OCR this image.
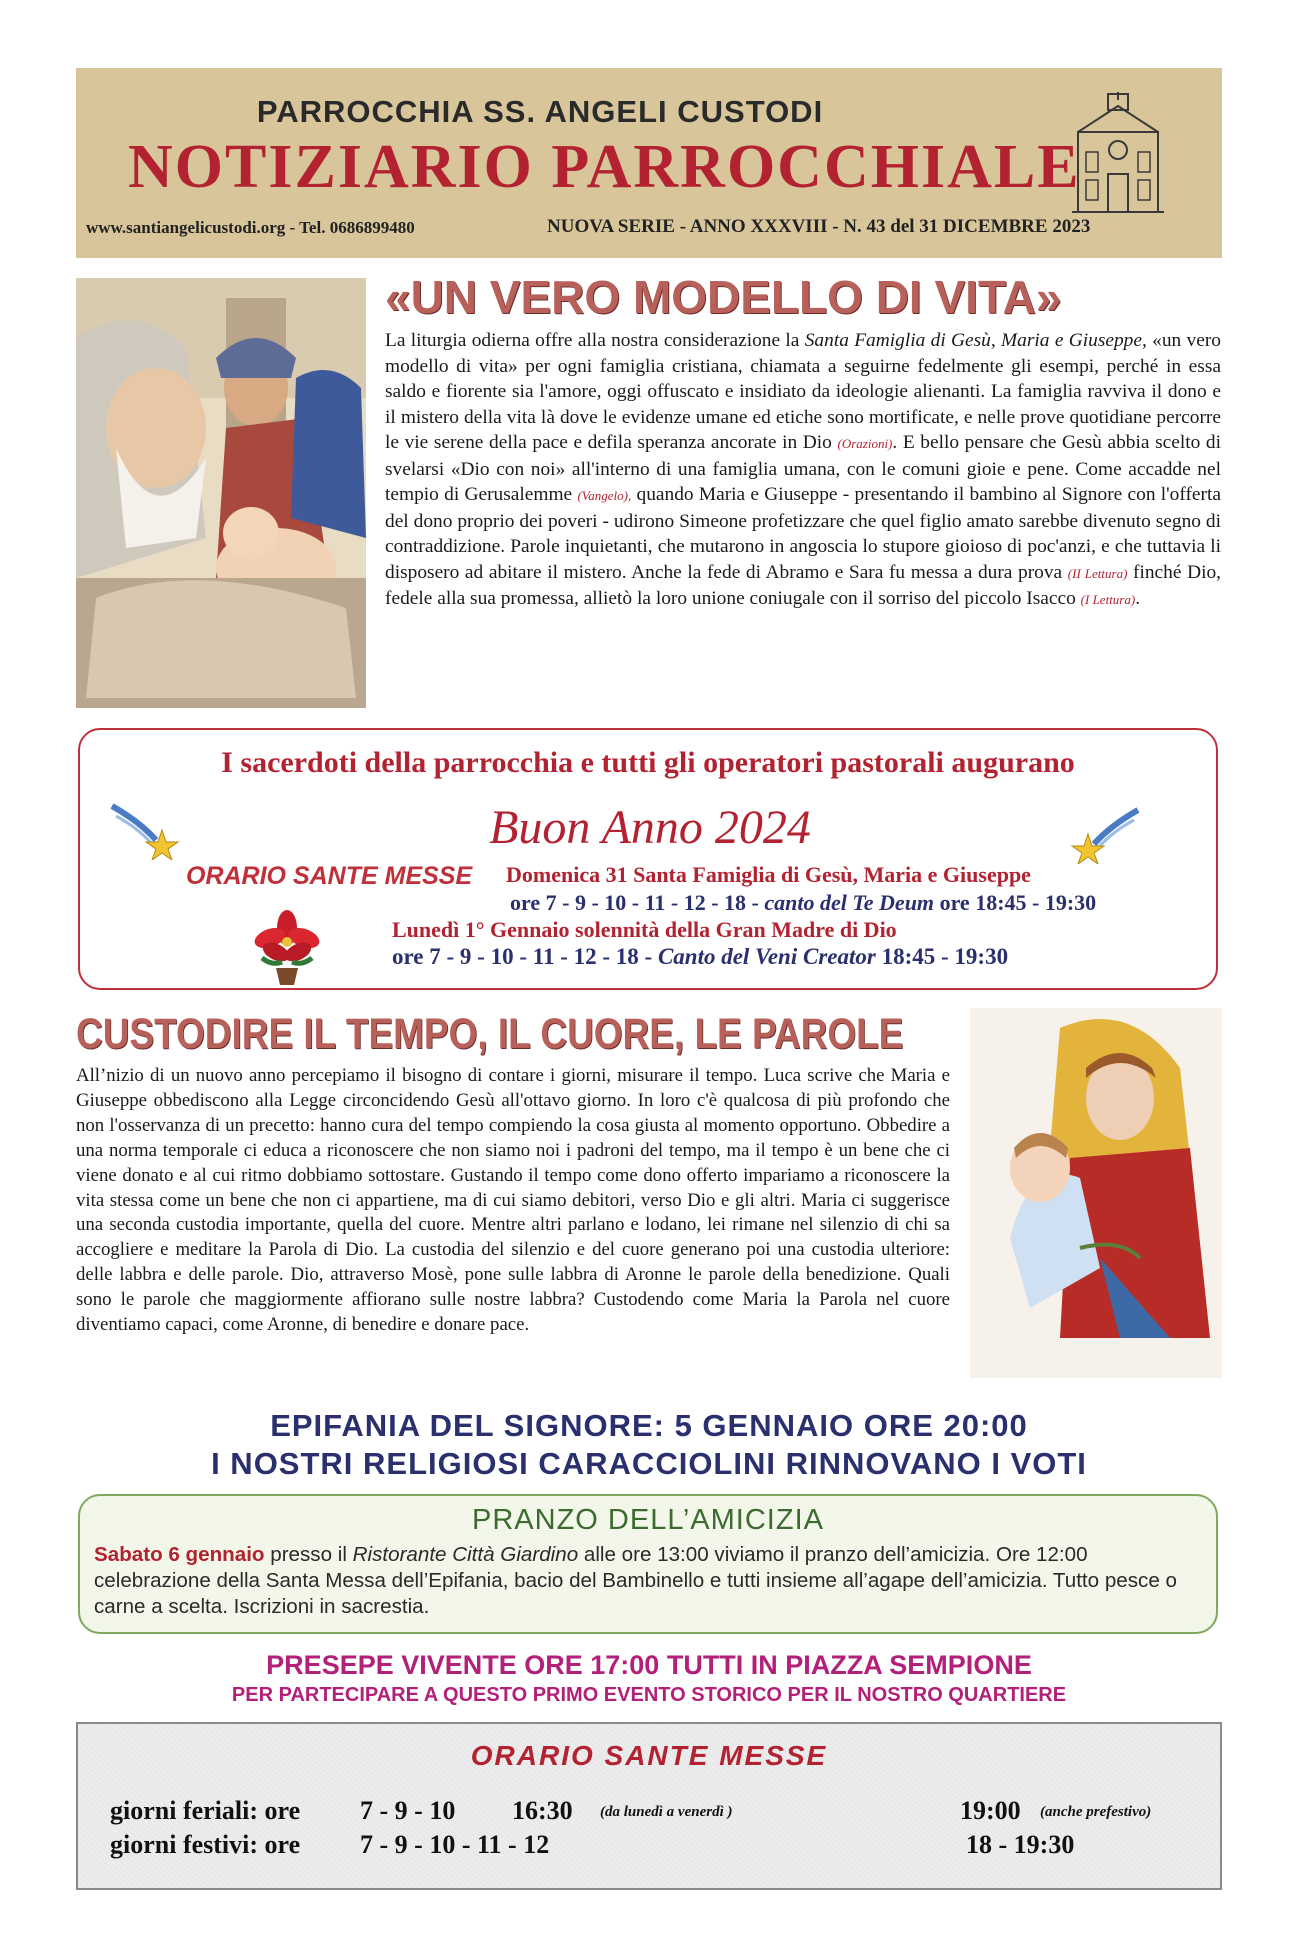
PARROCCHIA SS. ANGELI CUSTODI
NOTIZIARIO PARROCCHIALE
www.santiangelicustodi.org - Tel. 0686899480	NUOVA SERIE - ANNO XXXVIII - N. 43 del 31 DICEMBRE 2023
«UN VERO MODELLO DI VITA»
La liturgia odierna offre alla nostra considerazione la Santa Famiglia di Gesù, Maria e Giuseppe, «un vero modello di vita» per ogni famiglia cristiana, chiamata a seguirne fedelmente gli esempi, perché in essa saldo e fiorente sia l'amore, oggi offuscato e insidiato da ideologie alienanti. La famiglia ravviva il dono e il mistero della vita là dove le evidenze umane ed etiche sono mortificate, e nelle prove quotidiane percorre le vie serene della pace e defila speranza ancorate in Dio (Orazioni). E bello pensare che Gesù abbia scelto di svelarsi «Dio con noi» all'interno di una famiglia umana, con le comuni gioie e pene. Come accadde nel tempio di Gerusalemme (Vangelo), quando Maria e Giuseppe - presentando il bambino al Signore con l'offerta del dono proprio dei poveri - udirono Simeone profetizzare che quel figlio amato sarebbe divenuto segno di contraddizione. Parole inquietanti, che mutarono in angoscia lo stupore gioioso di poc'anzi, e che tuttavia li disposero ad abitare il mistero. Anche la fede di Abramo e Sara fu messa a dura prova (II Lettura) finché Dio, fedele alla sua promessa, allietò la loro unione coniugale con il sorriso del piccolo Isacco (I Lettura).
I sacerdoti della parrocchia e tutti gli operatori pastorali augurano
Buon Anno 2024
ORARIO SANTE MESSE Domenica 31 Santa Famiglia di Gesù, Maria e Giuseppe
ore 7 - 9 - 10 - 11 - 12 - 18 - canto del Te Deum ore 18:45 - 19:30
Lunedì 1° Gennaio solennità della Gran Madre di Dio
ore 7 - 9 - 10 - 11 - 12 - 18 - Canto del Veni Creator 18:45 - 19:30
CUSTODIRE IL TEMPO, IL CUORE, LE PAROLE
All’nizio di un nuovo anno percepiamo il bisogno di contare i giorni, misurare il tempo. Luca scrive che Maria e Giuseppe obbediscono alla Legge circoncidendo Gesù all'ottavo giorno. In loro c'è qualcosa di più profondo che non l'osservanza di un precetto: hanno cura del tempo compiendo la cosa giusta al momento opportuno. Obbedire a una norma temporale ci educa a riconoscere che non siamo noi i padroni del tempo, ma il tempo è un bene che ci viene donato e al cui ritmo dobbiamo sottostare. Gustando il tempo come dono offerto impariamo a riconoscere la vita stessa come un bene che non ci appartiene, ma di cui siamo debitori, verso Dio e gli altri. Maria ci suggerisce una seconda custodia importante, quella del cuore. Mentre altri parlano e lodano, lei rimane nel silenzio di chi sa accogliere e meditare la Parola di Dio. La custodia del silenzio e del cuore generano poi una custodia ulteriore: delle labbra e delle parole. Dio, attraverso Mosè, pone sulle labbra di Aronne le parole della benedizione. Quali sono le parole che maggiormente affiorano sulle nostre labbra? Custodendo come Maria la Parola nel cuore diventiamo capaci, come Aronne, di benedire e donare pace.
EPIFANIA DEL SIGNORE: 5 GENNAIO ORE 20:00
I NOSTRI RELIGIOSI CARACCIOLINI RINNOVANO I VOTI
PRANZO DELL’AMICIZIA
Sabato 6 gennaio presso il Ristorante Città Giardino alle ore 13:00 viviamo il pranzo dell’amicizia. Ore 12:00 celebrazione della Santa Messa dell’Epifania, bacio del Bambinello e tutti insieme all’agape dell’amicizia. Tutto pesce o carne a scelta. Iscrizioni in sacrestia.
PRESEPE VIVENTE ORE 17:00 TUTTI IN PIAZZA SEMPIONE
PER PARTECIPARE A QUESTO PRIMO EVENTO STORICO PER IL NOSTRO QUARTIERE
ORARIO SANTE MESSE
giorni feriali: ore 7 - 9 - 10 16:30 (da lunedì a venerdì )	19:00 (anche prefestivo)
giorni festivi: ore 7 - 9 - 10 - 11 - 12	18 - 19:30
